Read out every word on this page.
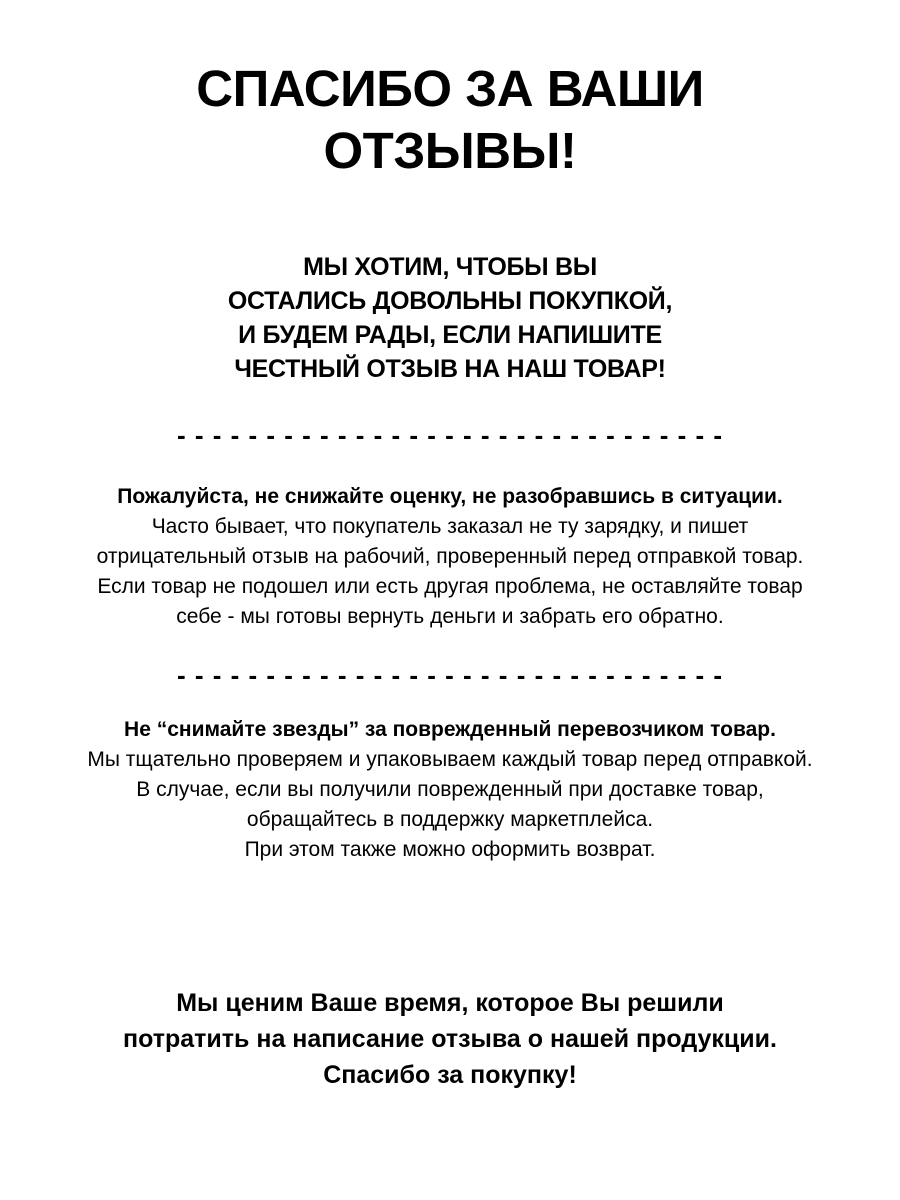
СПАСИБО ЗА ВАШИ
ОТЗЫВЫ!
МЫ ХОТИМ, ЧТОБЫ ВЫ
ОСТАЛИСЬ ДОВОЛЬНЫ ПОКУПКОЙ,
И БУДЕМ РАДЫ, ЕСЛИ НАПИШИТЕ
ЧЕСТНЫЙ ОТЗЫВ НА НАШ ТОВАР!
- - - - - - - - - - - - - - - - - - - - - - - - - - - - - - -
Пожалуйста, не снижайте оценку, не разобравшись в ситуации.
Часто бывает, что покупатель заказал не ту зарядку, и пишет
отрицательный отзыв на рабочий, проверенный перед отправкой товар.
Если товар не подошел или есть другая проблема, не оставляйте товар
себе - мы готовы вернуть деньги и забрать его обратно.
- - - - - - - - - - - - - - - - - - - - - - - - - - - - - - -
Не “снимайте звезды” за поврежденный перевозчиком товар.
Мы тщательно проверяем и упаковываем каждый товар перед отправкой.
В случае, если вы получили поврежденный при доставке товар,
обращайтесь в поддержку маркетплейса.
При этом также можно оформить возврат.
Мы ценим Ваше время, которое Вы решили
потратить на написание отзыва о нашей продукции.
Спасибо за покупку!
